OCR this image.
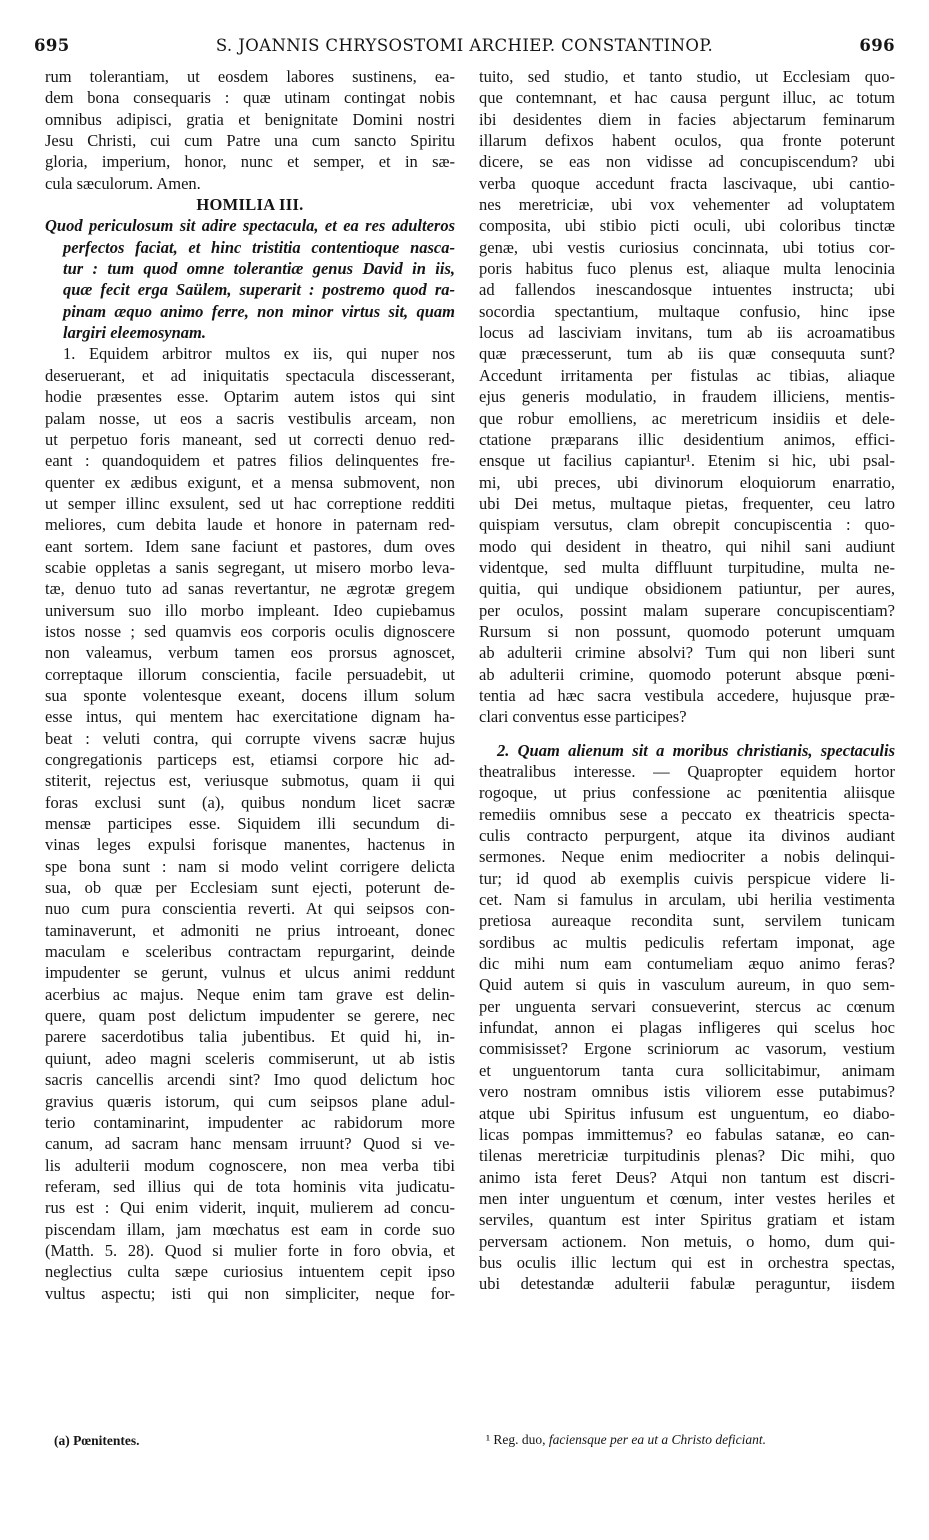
695	S. JOANNIS CHRYSOSTOMI ARCHIEP. CONSTANTINOP.	696
rum tolerantiam, ut eosdem labores sustinens, ea-
dem bona consequaris : quæ utinam contingat nobis
omnibus adipisci, gratia et benignitate Domini nostri
Jesu Christi, cui cum Patre una cum sancto Spiritu
gloria, imperium, honor, nunc et semper, et in sæ-
cula sæculorum. Amen.
HOMILIA III.
Quod periculosum sit adire spectacula, et ea res adulteros
perfectos faciat, et hinc tristitia contentioque nasca-
tur : tum quod omne tolerantiæ genus David in iis,
quæ fecit erga Saülem, superarit : postremo quod ra-
pinam æquo animo ferre, non minor virtus sit, quam
largiri eleemosynam.
1. Equidem arbitror multos ex iis, qui nuper nos
deseruerant, et ad iniquitatis spectacula discesserant,
hodie præsentes esse. Optarim autem istos qui sint
palam nosse, ut eos a sacris vestibulis arceam, non
ut perpetuo foris maneant, sed ut correcti denuo red-
eant : quandoquidem et patres filios delinquentes fre-
quenter ex ædibus exigunt, et a mensa submovent, non
ut semper illinc exsulent, sed ut hac correptione redditi
meliores, cum debita laude et honore in paternam red-
eant sortem. Idem sane faciunt et pastores, dum oves
scabie oppletas a sanis segregant, ut misero morbo leva-
tæ, denuo tuto ad sanas revertantur, ne ægrotæ gregem
universum suo illo morbo impleant. Ideo cupiebamus
istos nosse ; sed quamvis eos corporis oculis dignoscere
non valeamus, verbum tamen eos prorsus agnoscet,
correptaque illorum conscientia, facile persuadebit, ut
sua sponte volentesque exeant, docens illum solum
esse intus, qui mentem hac exercitatione dignam ha-
beat : veluti contra, qui corrupte vivens sacræ hujus
congregationis particeps est, etiamsi corpore hic ad-
stiterit, rejectus est, veriusque submotus, quam ii qui
foras exclusi sunt (a), quibus nondum licet sacræ
mensæ participes esse. Siquidem illi secundum di-
vinas leges expulsi forisque manentes, hactenus in
spe bona sunt : nam si modo velint corrigere delicta
sua, ob quæ per Ecclesiam sunt ejecti, poterunt de-
nuo cum pura conscientia reverti. At qui seipsos con-
taminaverunt, et admoniti ne prius introeant, donec
maculam e sceleribus contractam repurgarint, deinde
impudenter se gerunt, vulnus et ulcus animi reddunt
acerbius ac majus. Neque enim tam grave est delin-
quere, quam post delictum impudenter se gerere, nec
parere sacerdotibus talia jubentibus. Et quid hi, in-
quiunt, adeo magni sceleris commiserunt, ut ab istis
sacris cancellis arcendi sint? Imo quod delictum hoc
gravius quæris istorum, qui cum seipsos plane adul-
terio contaminarint, impudenter ac rabidorum more
canum, ad sacram hanc mensam irruunt? Quod si ve-
lis adulterii modum cognoscere, non mea verba tibi
referam, sed illius qui de tota hominis vita judicatu-
rus est : Qui enim viderit, inquit, mulierem ad concu-
piscendam illam, jam mœchatus est eam in corde suo
(Matth. 5. 28). Quod si mulier forte in foro obvia, et
neglectius culta sæpe curiosius intuentem cepit ipso
vultus aspectu; isti qui non simpliciter, neque for-
tuito, sed studio, et tanto studio, ut Ecclesiam quo-
que contemnant, et hac causa pergunt illuc, ac totum
ibi desidentes diem in facies abjectarum feminarum
illarum defixos habent oculos, qua fronte poterunt
dicere, se eas non vidisse ad concupiscendum? ubi
verba quoque accedunt fracta lascivaque, ubi cantio-
nes meretriciæ, ubi vox vehementer ad voluptatem
composita, ubi stibio picti oculi, ubi coloribus tinctæ
genæ, ubi vestis curiosius concinnata, ubi totius cor-
poris habitus fuco plenus est, aliaque multa lenocinia
ad fallendos inescandosque intuentes instructa; ubi
socordia spectantium, multaque confusio, hinc ipse
locus ad lasciviam invitans, tum ab iis acroamatibus
quæ præcesserunt, tum ab iis quæ consequuta sunt?
Accedunt irritamenta per fistulas ac tibias, aliaque
ejus generis modulatio, in fraudem illiciens, mentis-
que robur emolliens, ac meretricum insidiis et dele-
ctatione præparans illic desidentium animos, effici-
ensque ut facilius capiantur¹. Etenim si hic, ubi psal-
mi, ubi preces, ubi divinorum eloquiorum enarratio,
ubi Dei metus, multaque pietas, frequenter, ceu latro
quispiam versutus, clam obrepit concupiscentia : quo-
modo qui desident in theatro, qui nihil sani audiunt
videntque, sed multa diffluunt turpitudine, multa ne-
quitia, qui undique obsidionem patiuntur, per aures,
per oculos, possint malam superare concupiscentiam?
Rursum si non possunt, quomodo poterunt umquam
ab adulterii crimine absolvi? Tum qui non liberi sunt
ab adulterii crimine, quomodo poterunt absque pœni-
tentia ad hæc sacra vestibula accedere, hujusque præ-
clari conventus esse participes?
2. Quam alienum sit a moribus christianis, spectaculis
theatralibus interesse. — Quapropter equidem hortor
rogoque, ut prius confessione ac pœnitentia aliisque
remediis omnibus sese a peccato ex theatricis specta-
culis contracto perpurgent, atque ita divinos audiant
sermones. Neque enim mediocriter a nobis delinqui-
tur; id quod ab exemplis cuivis perspicue videre li-
cet. Nam si famulus in arculam, ubi herilia vestimenta
pretiosa aureaque recondita sunt, servilem tunicam
sordibus ac multis pediculis refertam imponat, age
dic mihi num eam contumeliam æquo animo feras?
Quid autem si quis in vasculum aureum, in quo sem-
per unguenta servari consueverint, stercus ac cœnum
infundat, annon ei plagas infligeres qui scelus hoc
commisisset? Ergone scriniorum ac vasorum, vestium
et unguentorum tanta cura sollicitabimur, animam
vero nostram omnibus istis viliorem esse putabimus?
atque ubi Spiritus infusum est unguentum, eo diabo-
licas pompas immittemus? eo fabulas satanæ, eo can-
tilenas meretriciæ turpitudinis plenas? Dic mihi, quo
animo ista feret Deus? Atqui non tantum est discri-
men inter unguentum et cœnum, inter vestes heriles et
serviles, quantum est inter Spiritus gratiam et istam
perversam actionem. Non metuis, o homo, dum qui-
bus oculis illic lectum qui est in orchestra spectas,
ubi detestandæ adulterii fabulæ peraguntur, iisdem
(a) Pœnitentes.	¹ Reg. duo, faciensque per ea ut a Christo deficiant.
